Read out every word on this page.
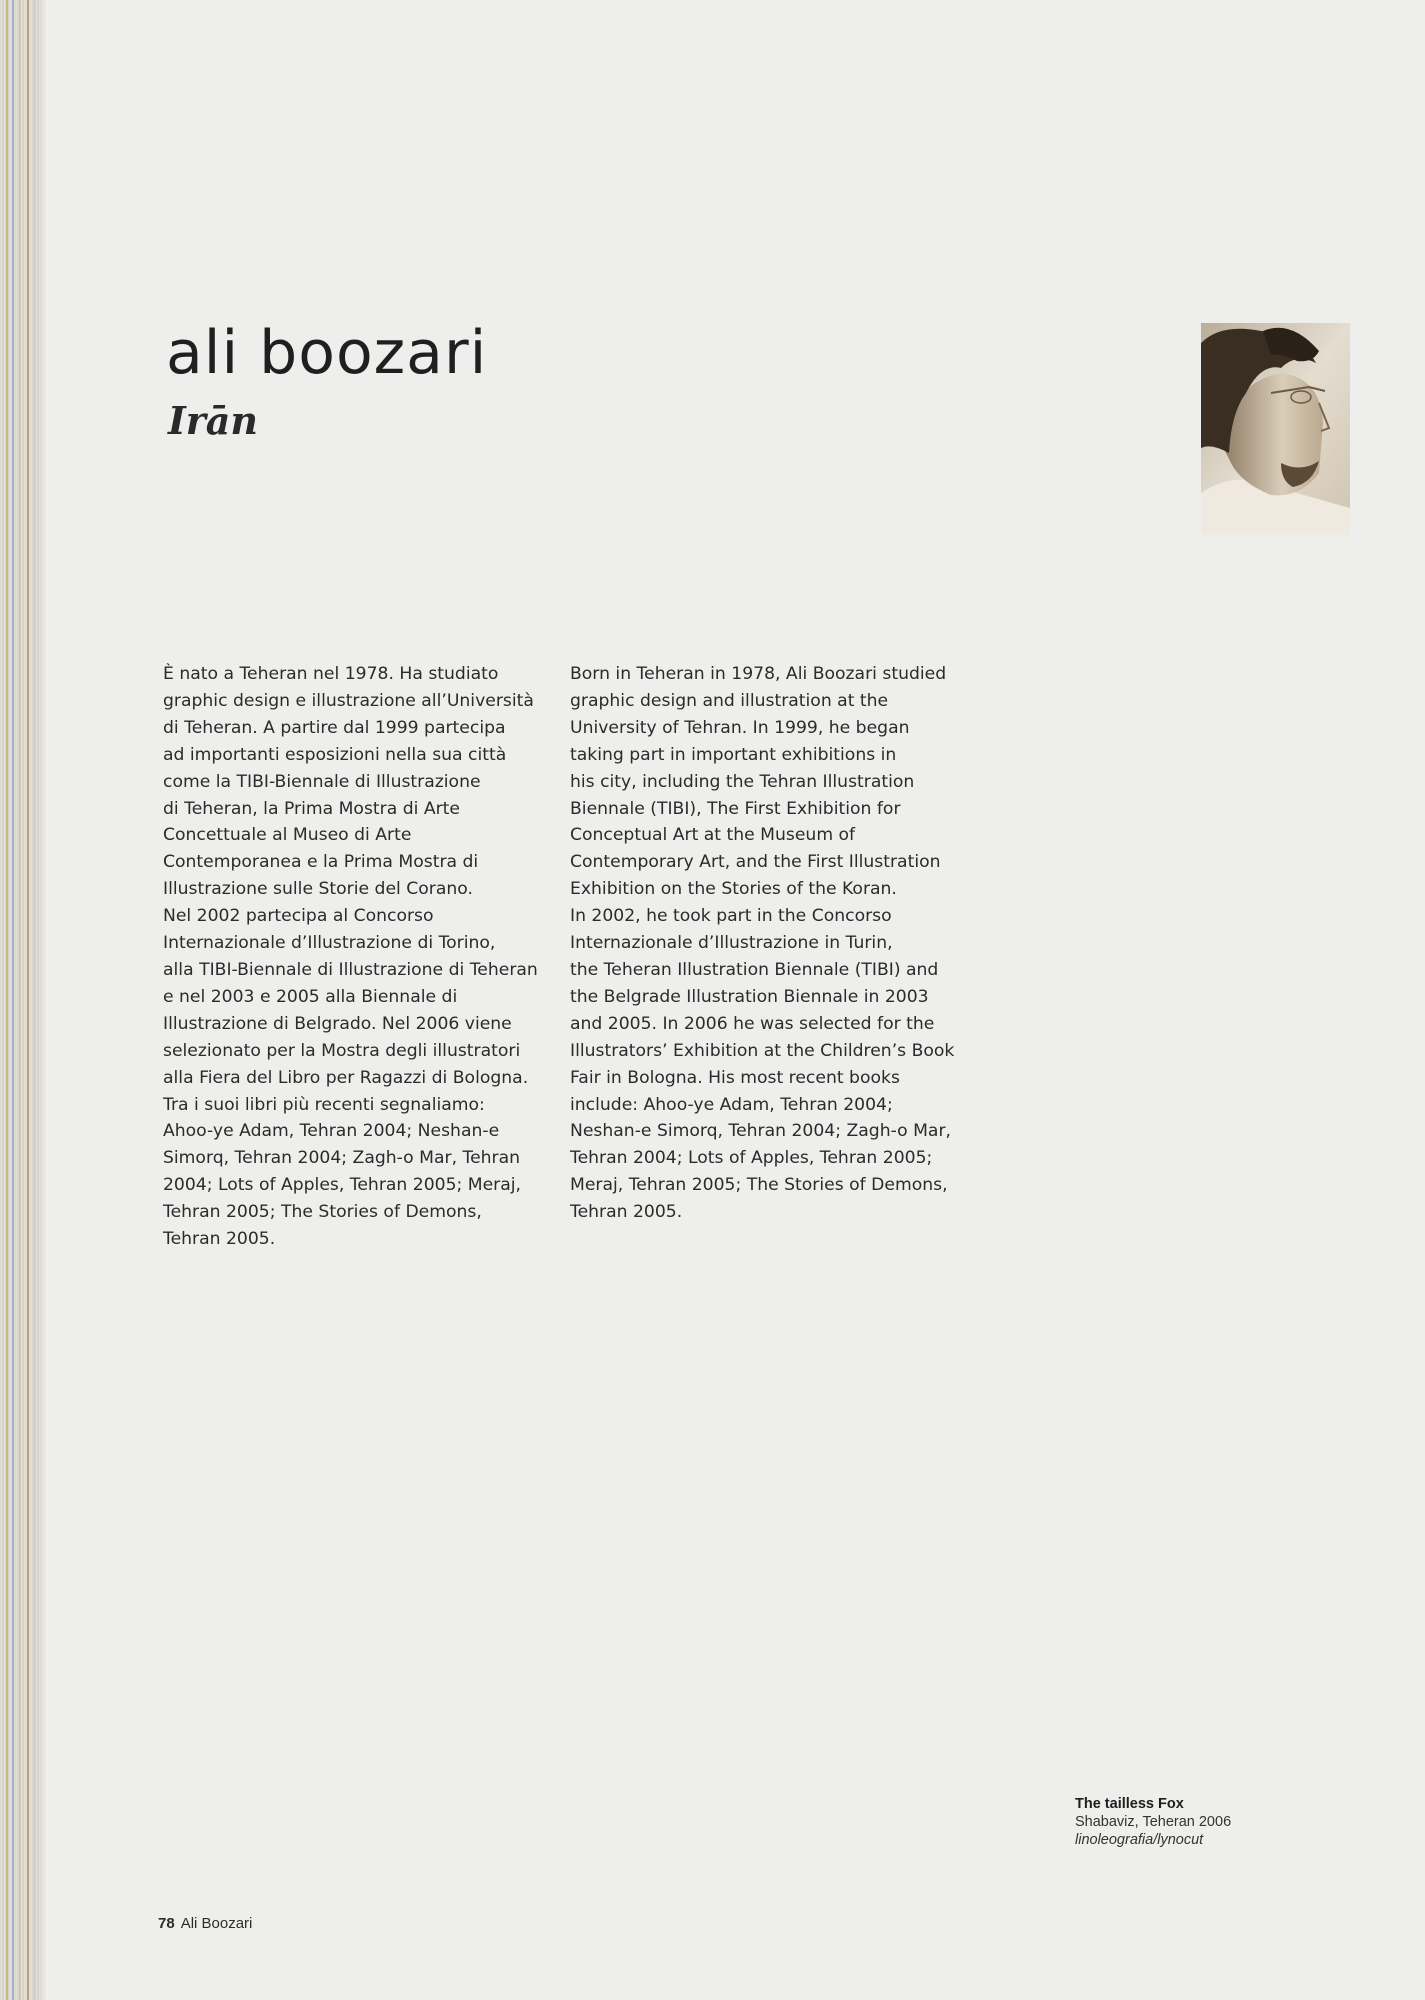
ali boozari
Irān

È nato a Teheran nel 1978. Ha studiato

graphic design e illustrazione all’Università

di Teheran. A partire dal 1999 partecipa

ad importanti esposizioni nella sua città

come la TIBI-Biennale di Illustrazione

di Teheran, la Prima Mostra di Arte

Concettuale al Museo di Arte

Contemporanea e la Prima Mostra di

Illustrazione sulle Storie del Corano.

Nel 2002 partecipa al Concorso

Internazionale d’Illustrazione di Torino,

alla TIBI-Biennale di Illustrazione di Teheran

e nel 2003 e 2005 alla Biennale di

Illustrazione di Belgrado. Nel 2006 viene

selezionato per la Mostra degli illustratori

alla Fiera del Libro per Ragazzi di Bologna.

Tra i suoi libri più recenti segnaliamo:

Ahoo-ye Adam, Tehran 2004; Neshan-e

Simorq, Tehran 2004; Zagh-o Mar, Tehran

2004; Lots of Apples, Tehran 2005; Meraj,

Tehran 2005; The Stories of Demons,

Tehran 2005.

Born in Teheran in 1978, Ali Boozari studied

graphic design and illustration at the

University of Tehran. In 1999, he began

taking part in important exhibitions in

his city, including the Tehran Illustration

Biennale (TIBI), The First Exhibition for

Conceptual Art at the Museum of

Contemporary Art, and the First Illustration

Exhibition on the Stories of the Koran.

In 2002, he took part in the Concorso

Internazionale d’Illustrazione in Turin,

the Teheran Illustration Biennale (TIBI) and

the Belgrade Illustration Biennale in 2003

and 2005. In 2006 he was selected for the

Illustrators’ Exhibition at the Children’s Book

Fair in Bologna. His most recent books

include: Ahoo-ye Adam, Tehran 2004;

Neshan-e Simorq, Tehran 2004; Zagh-o Mar,

Tehran 2004; Lots of Apples, Tehran 2005;

Meraj, Tehran 2005; The Stories of Demons,

Tehran 2005.

The tailless Fox
Shabaviz, Teheran 2006
linoleografia/lynocut
78 Ali Boozari
